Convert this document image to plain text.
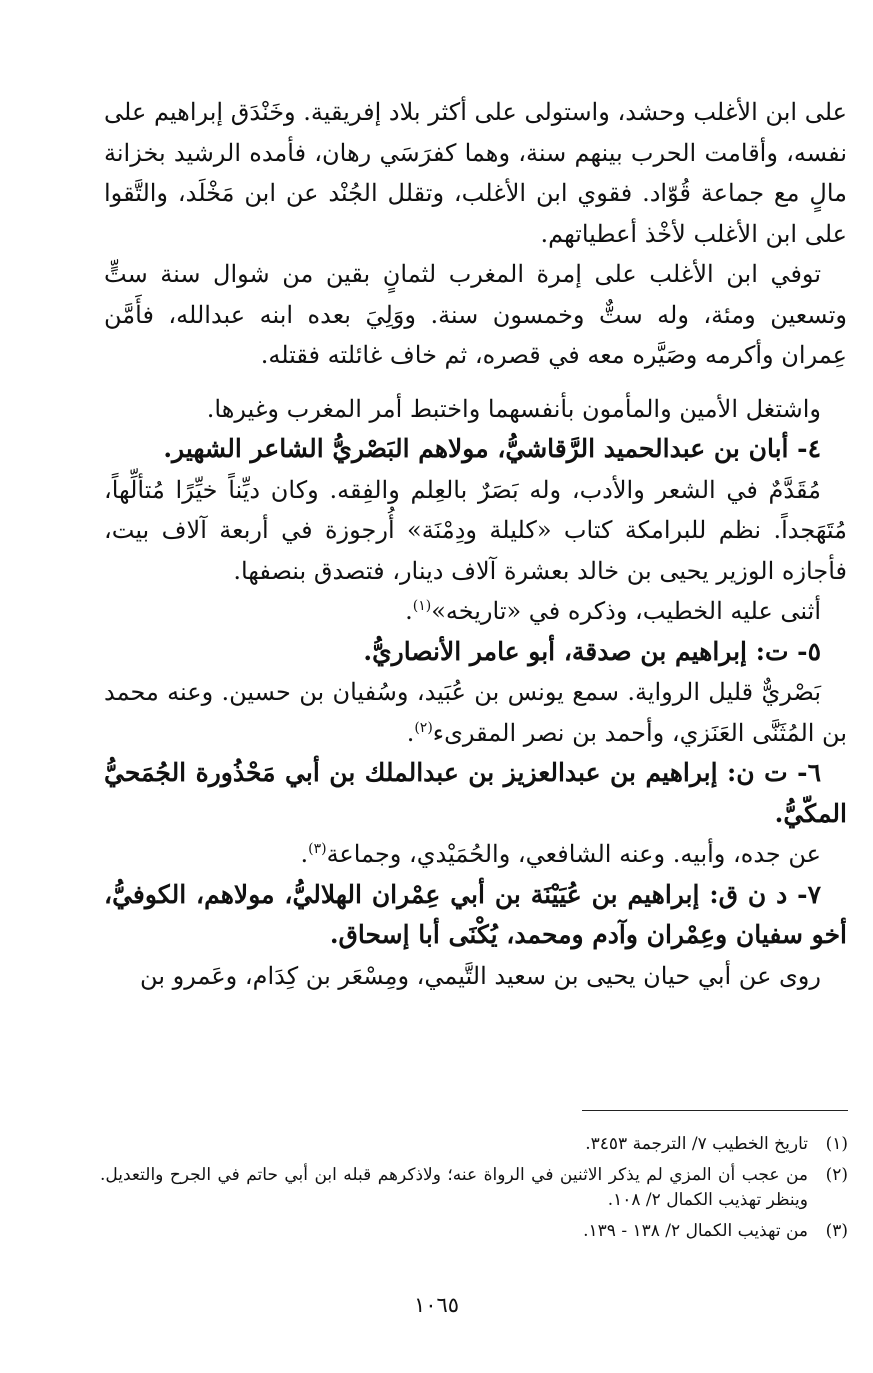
على ابن الأغلب وحشد، واستولى على أكثر بلاد إفريقية. وخَنْدَق إبراهيم على نفسه، وأقامت الحرب بينهم سنة، وهما كفرَسَي رهان، فأمده الرشيد بخزانة مالٍ مع جماعة قُوّاد. فقوي ابن الأغلب، وتقلل الجُنْد عن ابن مَخْلَد، والتَّقوا على ابن الأغلب لأخْذ أعطياتهم.

توفي ابن الأغلب على إمرة المغرب لثمانٍ بقين من شوال سنة ستٍّ وتسعين ومئة، وله ستٌّ وخمسون سنة. ووَلِيَ بعده ابنه عبدالله، فأَمَّن عِمران وأكرمه وصَيَّره معه في قصره، ثم خاف غائلته فقتله.

واشتغل الأمين والمأمون بأنفسهما واختبط أمر المغرب وغيرها.

٤- أبان بن عبدالحميد الرَّقاشيُّ، مولاهم البَصْريُّ الشاعر الشهير.

مُقَدَّمٌ في الشعر والأدب، وله بَصَرٌ بالعِلم والفِقه. وكان ديِّناً خيِّرًا مُتألِّهاً، مُتَهَجداً. نظم للبرامكة كتاب «كليلة ودِمْنَة» أُرجوزة في أربعة آلاف بيت، فأجازه الوزير يحيى بن خالد بعشرة آلاف دينار، فتصدق بنصفها.

أثنى عليه الخطيب، وذكره في «تاريخه»$^{(١)}$.

٥- ت: إبراهيم بن صدقة، أبو عامر الأنصاريُّ.

بَصْريٌّ قليل الرواية. سمع يونس بن عُبَيد، وسُفيان بن حسين. وعنه محمد بن المُثَنَّى العَنَزي، وأحمد بن نصر المقرىء$^{(٢)}$.

٦- ت ن: إبراهيم بن عبدالعزيز بن عبدالملك بن أبي مَحْذُورة الجُمَحيُّ المكّيُّ.

عن جده، وأبيه. وعنه الشافعي، والحُمَيْدي، وجماعة$^{(٣)}$.

٧- د ن ق: إبراهيم بن عُيَيْنَة بن أبي عِمْران الهلاليُّ، مولاهم، الكوفيُّ، أخو سفيان وعِمْران وآدم ومحمد، يُكْنَى أبا إسحاق.

روى عن أبي حيان يحيى بن سعيد التَّيمي، ومِسْعَر بن كِدَام، وعَمرو بن

(١)
تاريخ الخطيب ٧/ الترجمة ٣٤٥٣.
(٢)
من عجب أن المزي لم يذكر الاثنين في الرواة عنه؛ ولاذكرهم قبله ابن أبي حاتم في الجرح والتعديل. وينظر تهذيب الكمال ٢/ ١٠٨.
(٣)
من تهذيب الكمال ٢/ ١٣٨ - ١٣٩.
١٠٦٥
